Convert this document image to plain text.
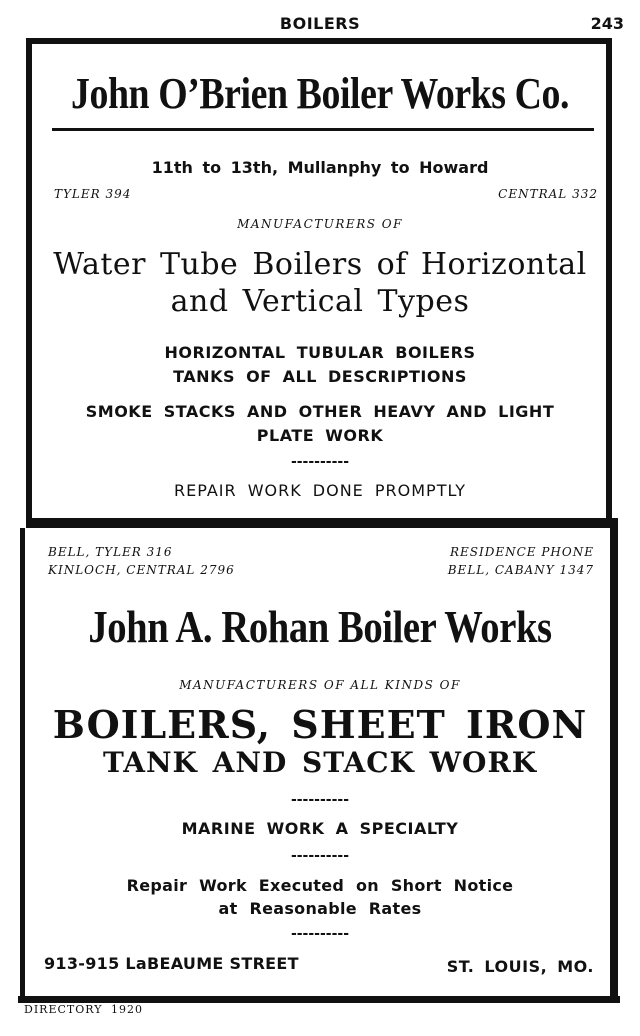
BOILERS	243
John O’Brien Boiler Works Co.
11th to 13th, Mullanphy to Howard
TYLER 394	CENTRAL 332
MANUFACTURERS OF
Water Tube Boilers of Horizontal
and Vertical Types
HORIZONTAL TUBULAR BOILERS
TANKS OF ALL DESCRIPTIONS
SMOKE STACKS AND OTHER HEAVY AND LIGHT
PLATE WORK
----------
REPAIR WORK DONE PROMPTLY
BELL, TYLER 316
KINLOCH, CENTRAL 2796
RESIDENCE PHONE
BELL, CABANY 1347
John A. Rohan Boiler Works
MANUFACTURERS OF ALL KINDS OF
BOILERS, SHEET IRON
TANK AND STACK WORK
----------
MARINE WORK A SPECIALTY
----------
Repair Work Executed on Short Notice
at Reasonable Rates
----------
913-915 LaBEAUME STREET	ST. LOUIS, MO.
DIRECTORY 1920
